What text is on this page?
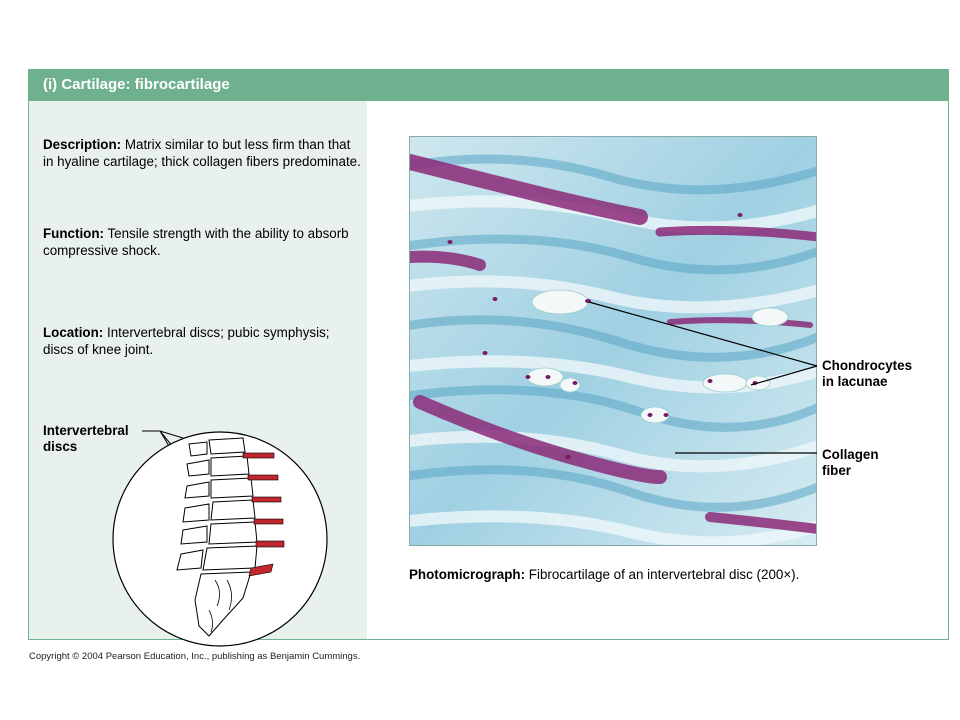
(i) Cartilage: fibrocartilage
Description: Matrix similar to but less firm than that in hyaline cartilage; thick collagen fibers predominate.
Function: Tensile strength with the ability to absorb compressive shock.
Location: Intervertebral discs; pubic symphysis; discs of knee joint.
Intervertebral
discs
Chondrocytes
in lacunae
Collagen
fiber
Photomicrograph: Fibrocartilage of an intervertebral disc (200×).
Copyright © 2004 Pearson Education, Inc., publishing as Benjamin Cummings.
